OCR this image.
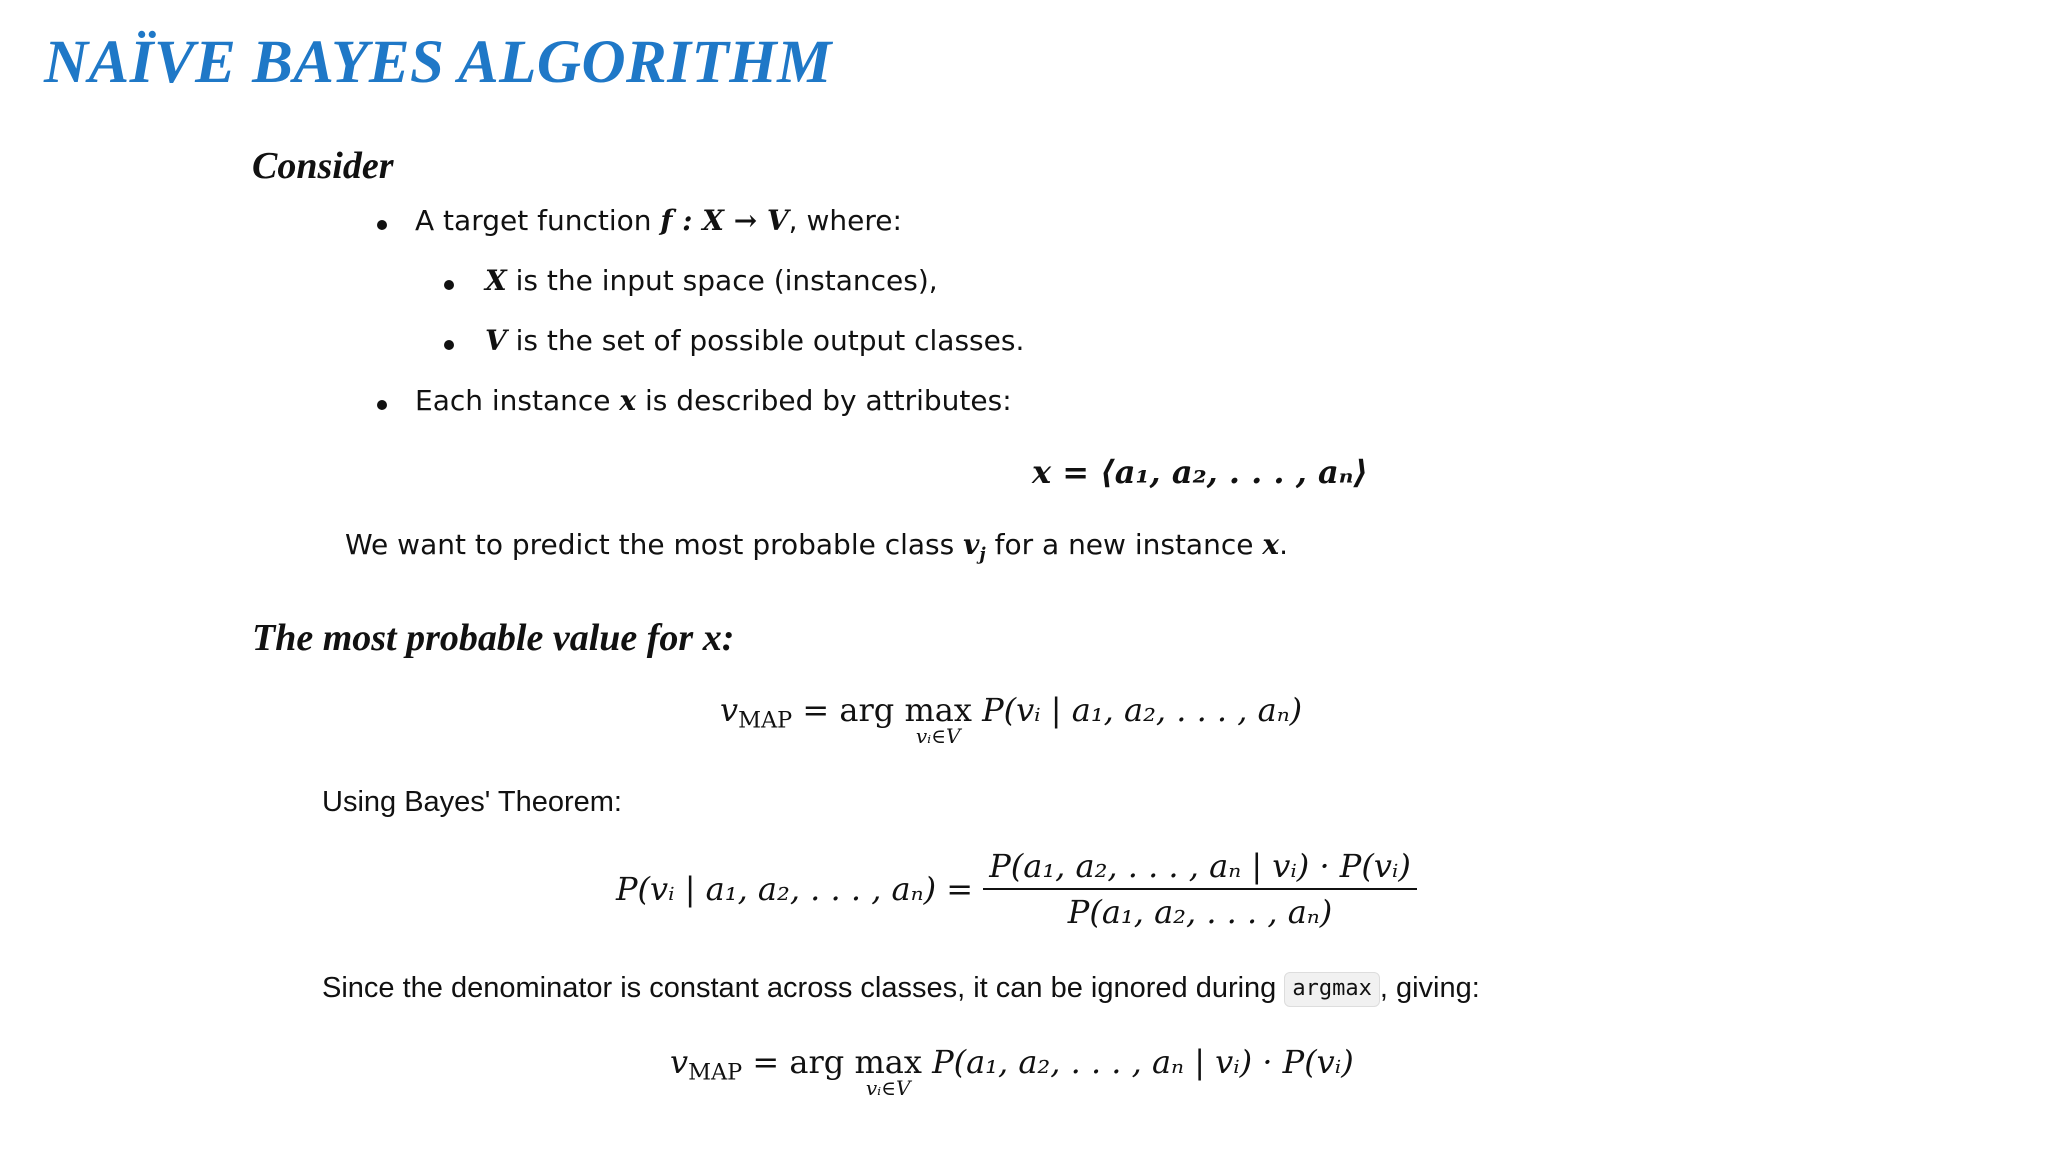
NAÏVE BAYES ALGORITHM
Consider
A target function f : X → V, where:
X is the input space (instances),
V is the set of possible output classes.
Each instance x is described by attributes:
x = ⟨a₁, a₂, . . . , aₙ⟩
We want to predict the most probable class $v_j$ for a new instance x.
The most probable value for x:
$v_{MAP}$ = arg max
vᵢ∈V
P(vᵢ | a₁, a₂, . . . , aₙ)
Using Bayes' Theorem:
P(vᵢ | a₁, a₂, . . . , $a_n) = \frac{\text{P(a₁, a₂, . . . , aₙ | vᵢ) · P(vᵢ)}}{\text{P(a₁, a₂, . . . , aₙ)}}$
Since the denominator is constant across classes, it can be ignored during argmax , giving:
$v_{MAP}$ = arg max
vᵢ∈V
P(a₁, a₂, . . . , aₙ | vᵢ) · P(vᵢ)
